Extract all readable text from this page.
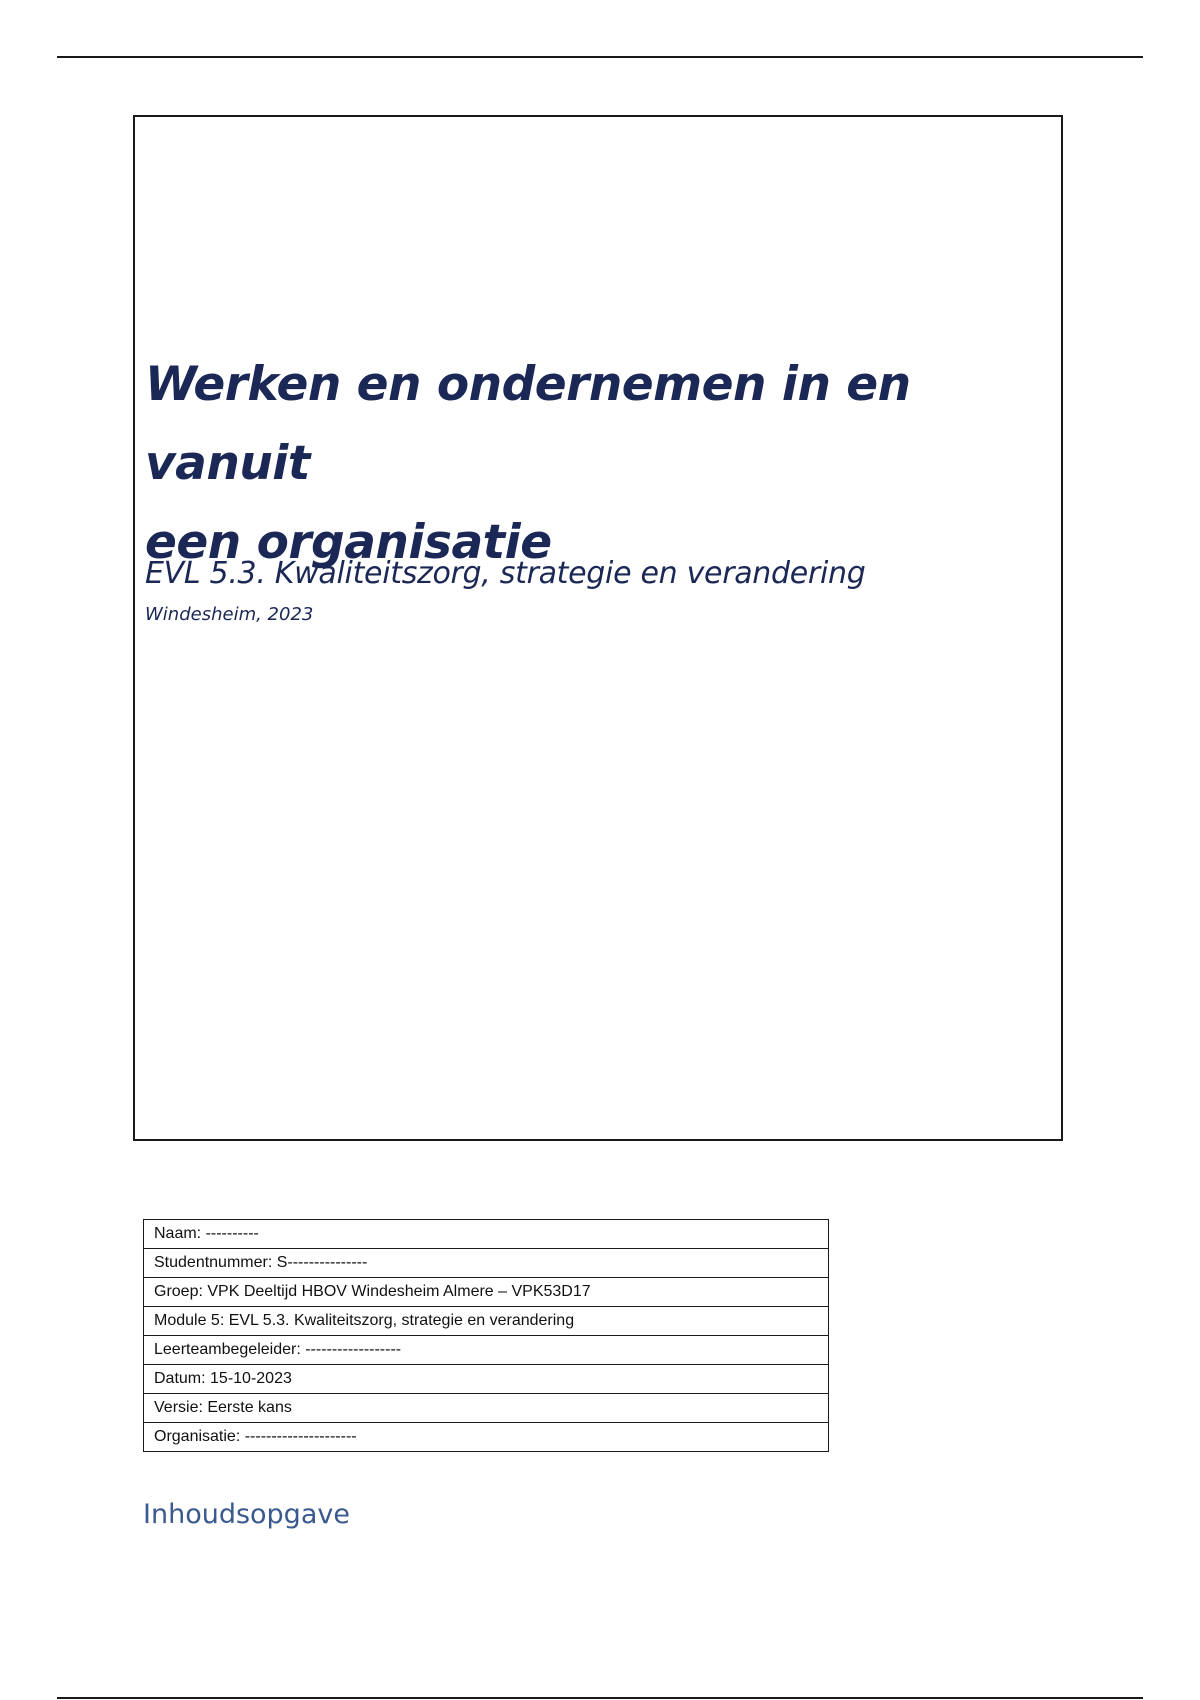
Werken en ondernemen in en vanuit
een organisatie
EVL 5.3. Kwaliteitszorg, strategie en verandering

Windesheim, 2023

Naam: ----------
Studentnummer: S---------------
Groep: VPK Deeltijd HBOV Windesheim Almere – VPK53D17
Module 5: EVL 5.3. Kwaliteitszorg, strategie en verandering
Leerteambegeleider: ------------------
Datum: 15-10-2023
Versie: Eerste kans
Organisatie: ---------------------
Inhoudsopgave
